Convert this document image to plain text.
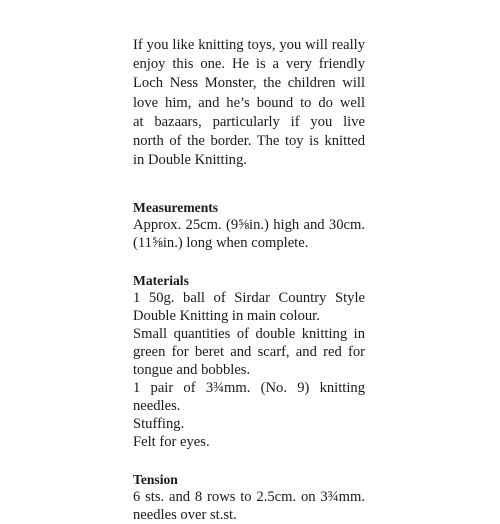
If you like knitting toys, you will really
enjoy this one. He is a very friendly
Loch Ness Monster, the children will
love him, and he’s bound to do well
at bazaars, particularly if you live
north of the border. The toy is knitted
in Double Knitting.

Measurements

Approx. 25cm. (9⅝in.) high and 30cm.

(11⅝in.) long when complete.

Materials

1 50g. ball of Sirdar Country Style

Double Knitting in main colour.

Small quantities of double knitting in

green for beret and scarf, and red for

tongue and bobbles.

1 pair of 3¾mm. (No. 9) knitting

needles.

Stuffing.

Felt for eyes.

Tension

6 sts. and 8 rows to 2.5cm. on 3¾mm.

needles over st.st.
